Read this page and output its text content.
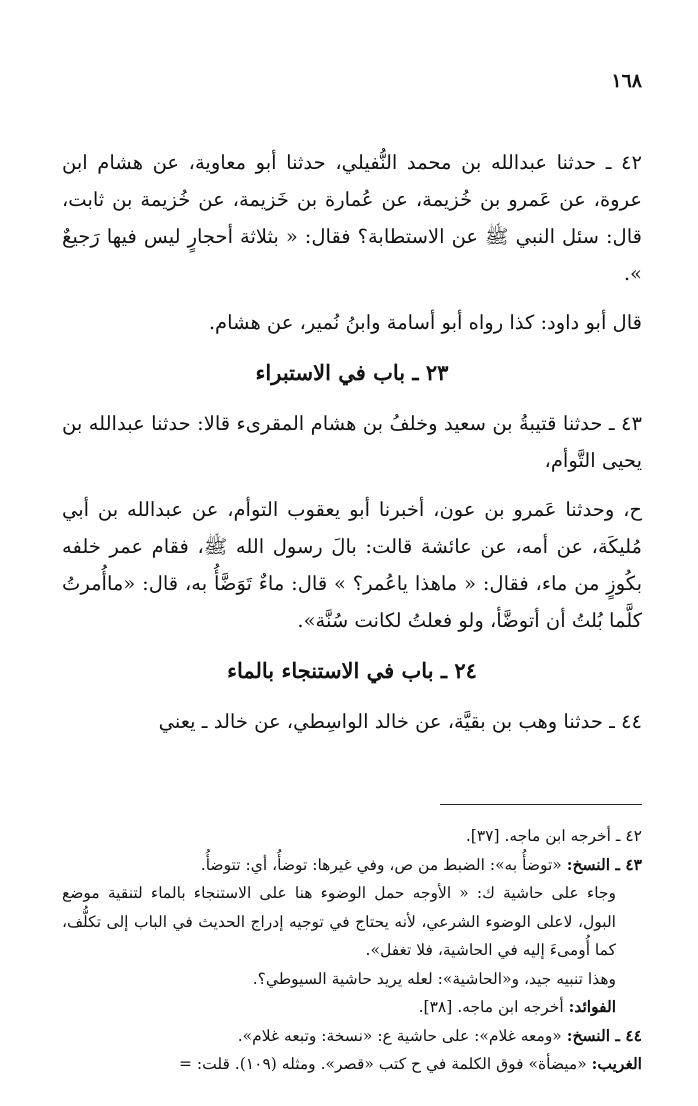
١٦٨

٤٢ ـ حدثنا عبدالله بن محمد النُّفيلي، حدثنا أبو معاوية، عن هشام ابن عروة، عن عَمرو بن خُزيمة، عن عُمارة بن خَزيمة، عن خُزيمة بن ثابت، قال: سئل النبي ﷺ عن الاستطابة؟ فقال: « بثلاثة أحجارٍ ليس فيها رَجيعٌ ».

قال أبو داود: كذا رواه أبو أسامة وابنُ نُمير، عن هشام.

٢٣ ـ باب في الاستبراء

٤٣ ـ حدثنا قتيبةُ بن سعيد وخلفُ بن هشام المقرىء قالا: حدثنا عبدالله بن يحيى التَّوأم،

ح، وحدثنا عَمرو بن عون، أخبرنا أبو يعقوب التوأم، عن عبدالله بن أبي مُليكَة، عن أمه، عن عائشة قالت: بالَ رسول الله ﷺ، فقام عمر خلفه بكُوزٍ من ماء، فقال: « ماهذا ياعُمر؟ » قال: ماءٌ تَوَضَّأُ به، قال: «ماأُمرتُ كلَّما بُلتُ أن أتوضَّأ، ولو فعلتُ لكانت سُنَّة».

٢٤ ـ باب في الاستنجاء بالماء

٤٤ ـ حدثنا وهب بن بقيَّة، عن خالد الواسِطي، عن خالد ـ يعني

٤٢ ـ أخرجه ابن ماجه. [٣٧].

٤٣ ـ النسخ: «توضأُ به»: الضبط من ص، وفي غيرها: توضأُ، أي: تتوضأُ.

وجاء على حاشية ك: « الأوجه حمل الوضوء هنا على الاستنجاء بالماء لتنقية موضع البول، لاعلى الوضوء الشرعي، لأنه يحتاج في توجيه إدراج الحديث في الباب إلى تكلُّف، كما أُومىءَ إليه في الحاشية، فلا تغفل».

وهذا تنبيه جيد، و«الحاشية»: لعله يريد حاشية السيوطي؟.

الفوائد: أخرجه ابن ماجه. [٣٨].

٤٤ ـ النسخ: «ومعه غلام»: على حاشية ع: «نسخة: وتبعه غلام».

الغريب: «ميضأة» فوق الكلمة في ح كتب «قصر». ومثله (١٠٩). قلت: =
